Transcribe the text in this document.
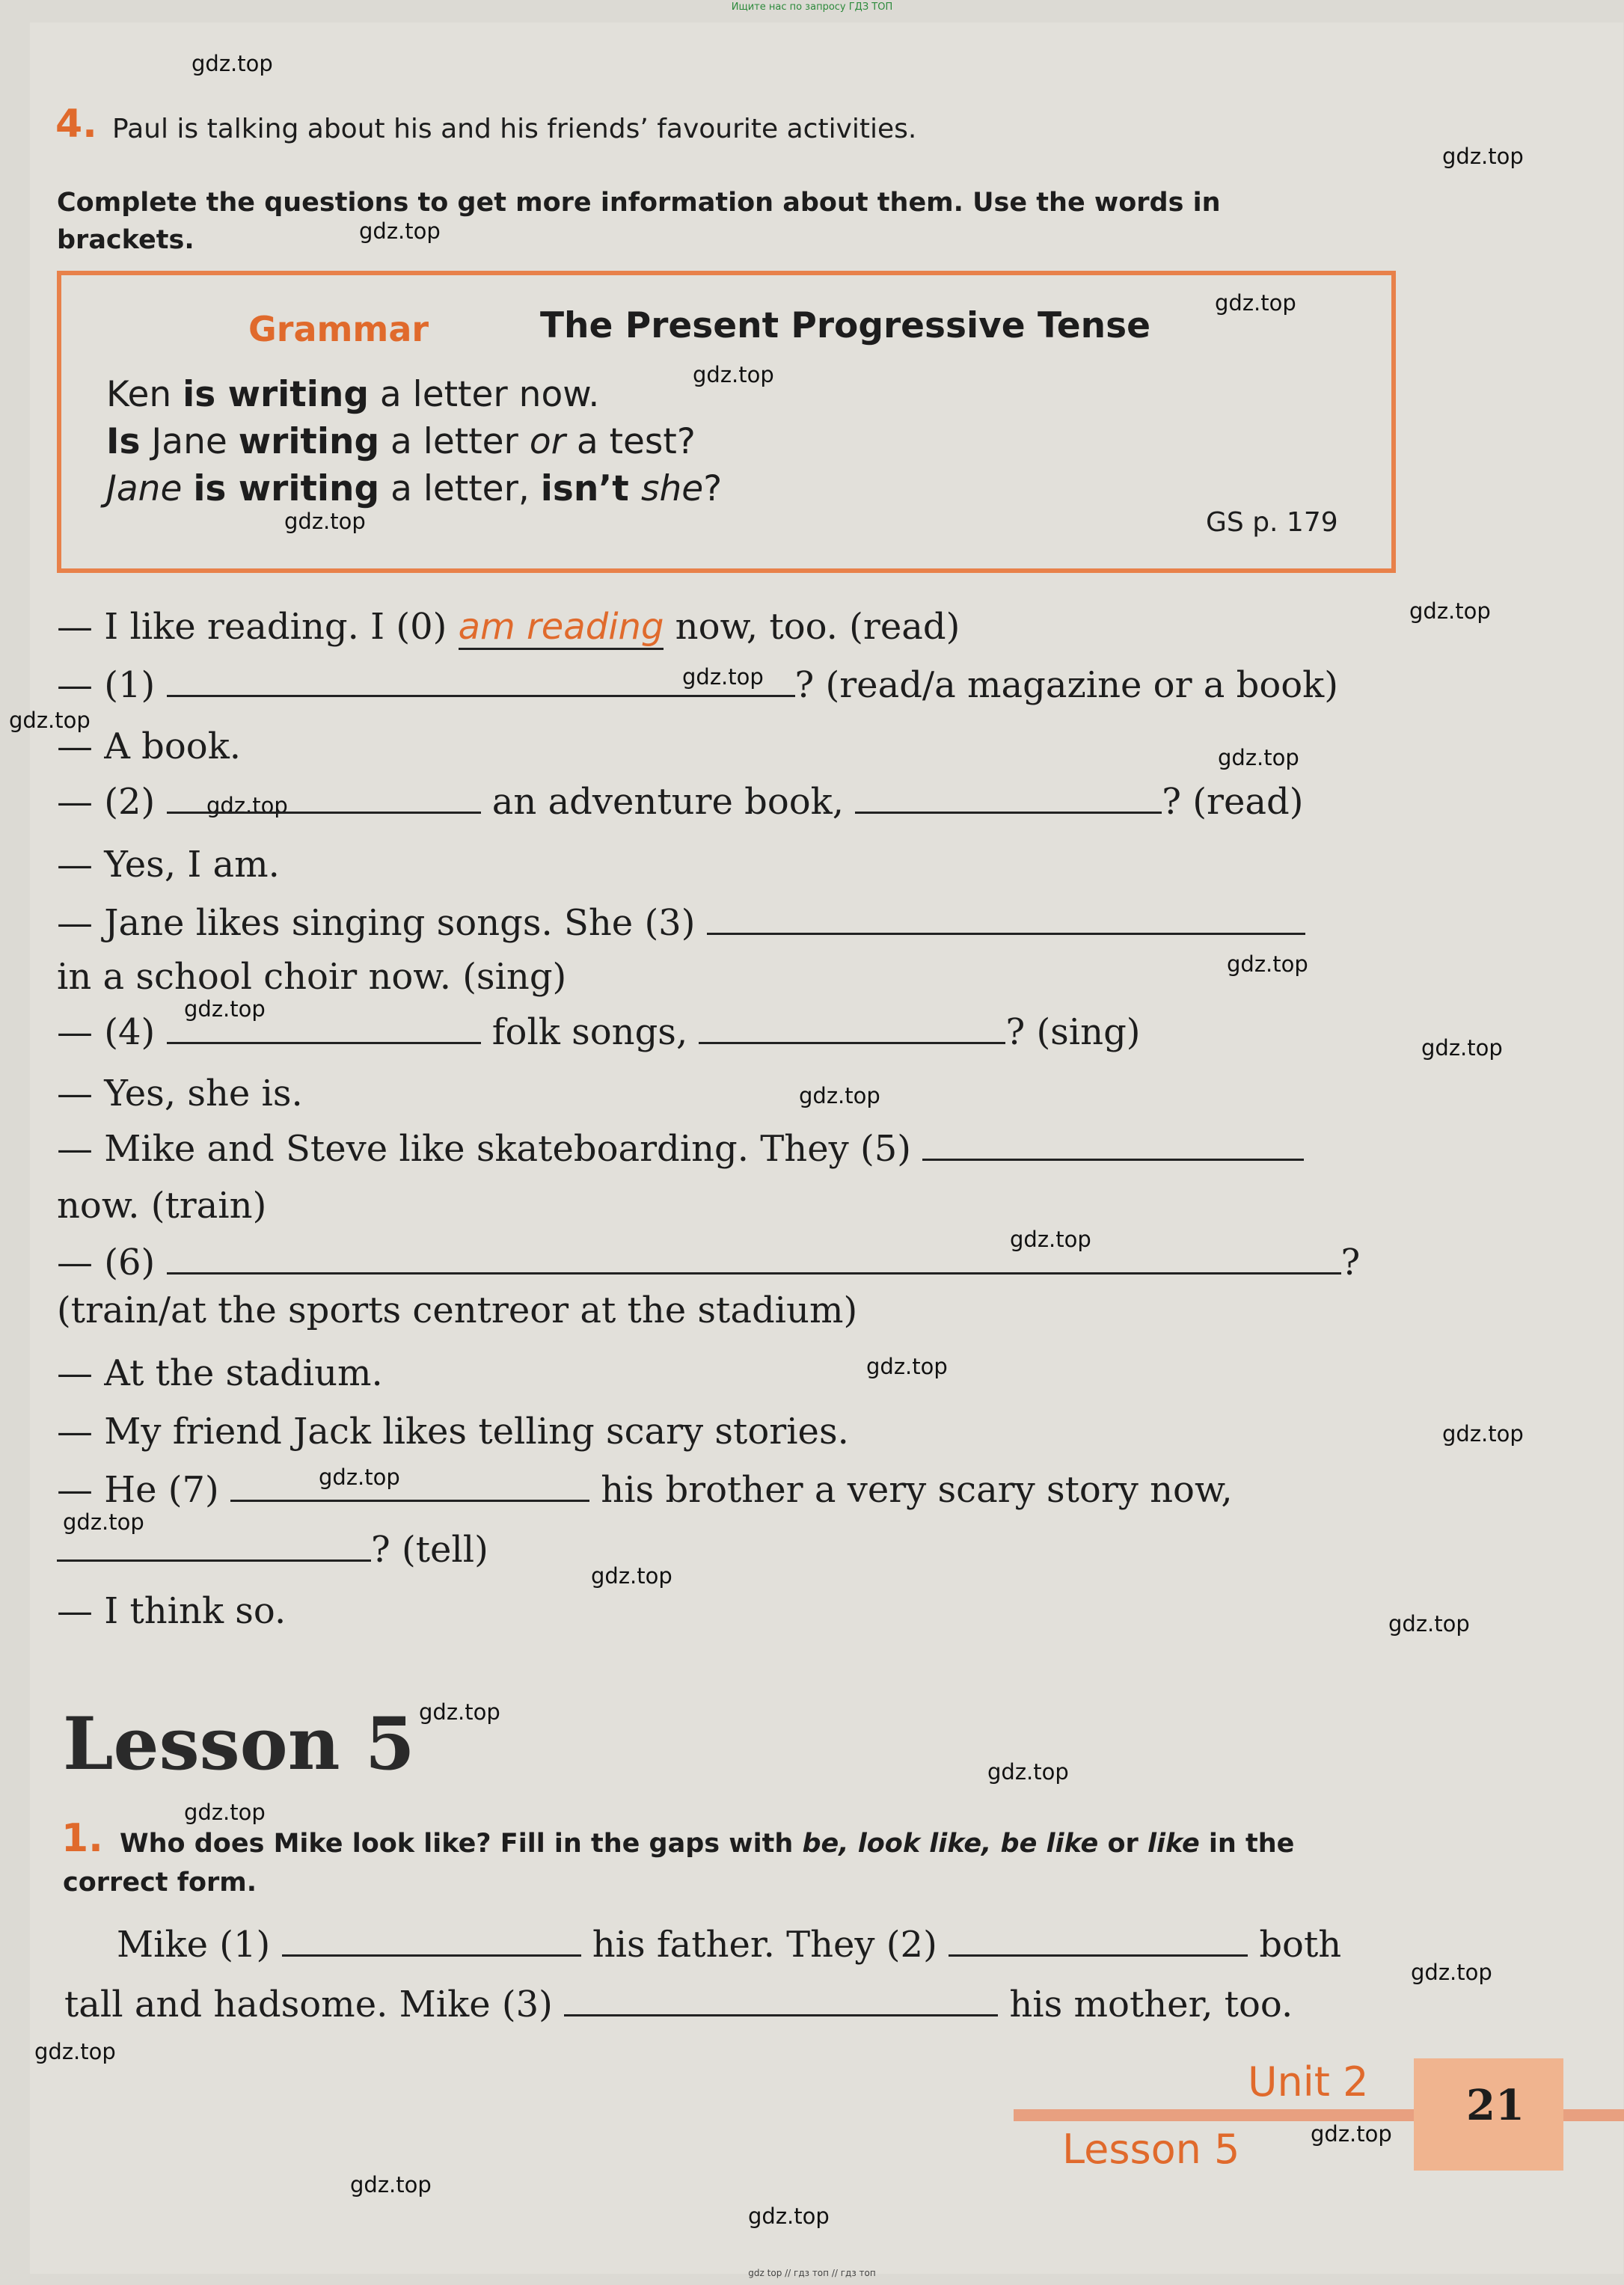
Ищите нас по запросу ГДЗ ТОП
gdz.top
gdz.top
gdz.top
gdz.top
gdz.top
gdz.top
gdz.top
gdz.top
gdz.top
gdz.top
gdz.top
gdz.top
gdz.top
gdz.top
gdz.top
gdz.top
gdz.top
gdz.top
gdz.top
gdz.top
gdz.top
gdz.top
gdz.top
gdz.top
gdz.top
gdz.top
gdz.top
gdz.top
gdz.top
gdz.top
4. Paul is talking about his and his friends’ favourite activities.
Complete the questions to get more information about them. Use the words in
brackets.
Grammar	The Present Progressive Tense
Ken is writing a letter now.
Is Jane writing a letter or a test?
Jane is writing a letter, isn’t she?
GS p. 179
— I like reading. I (0) am reading now, too. (read)
— (1)	? (read/a magazine or a book)
— A book.
— (2)	an adventure book,	? (read)
— Yes, I am.
— Jane likes singing songs. She (3)
in a school choir now. (sing)
— (4)	folk songs,	? (sing)
— Yes, she is.
— Mike and Steve like skateboarding. They (5)
now. (train)
— (6)	?
(train/at the sports centreor at the stadium)
— At the stadium.
— My friend Jack likes telling scary stories.
— He (7)	his brother a very scary story now,
? (tell)
— I think so.
Lesson 5
1. Who does Mike look like? Fill in the gaps with be, look like, be like or like in the
correct form.
Mike (1)	his father. They (2)	both
tall and hadsome. Mike (3)	his mother, too.
Unit 2
Lesson 5
21
gdz top // гдз топ // гдз топ
